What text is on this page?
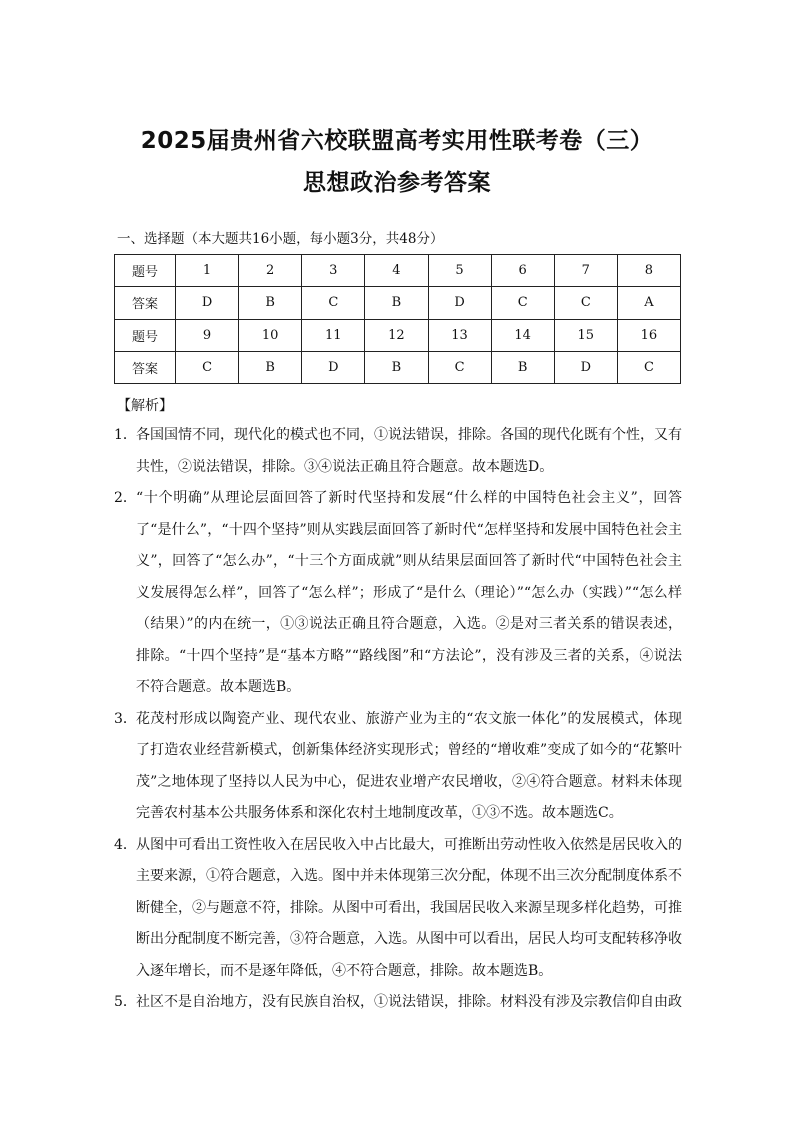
2025届贵州省六校联盟高考实用性联考卷（三）
思想政治参考答案
一、选择题（本大题共16小题，每小题3分，共48分）
题号	1	2	3	4	5	6	7	8
答案	D	B	C	B	D	C	C	A
题号	9	10	11	12	13	14	15	16
答案	C	B	D	B	C	B	D	C
【解析】
1． 各国国情不同，现代化的模式也不同，①说法错误，排除。各国的现代化既有个性，又有共性，②说法错误，排除。③④说法正确且符合题意。故本题选D。
2． “十个明确”从理论层面回答了新时代坚持和发展“什么样的中国特色社会主义”，回答了“是什么”，“十四个坚持”则从实践层面回答了新时代“怎样坚持和发展中国特色社会主义”，回答了“怎么办”，“十三个方面成就”则从结果层面回答了新时代“中国特色社会主义发展得怎么样”，回答了“怎么样”；形成了“是什么（理论）”“怎么办（实践）”“怎么样（结果）”的内在统一，①③说法正确且符合题意，入选。②是对三者关系的错误表述，排除。“十四个坚持”是“基本方略”“路线图”和“方法论”，没有涉及三者的关系，④说法不符合题意。故本题选B。
3． 花茂村形成以陶瓷产业、现代农业、旅游产业为主的“农文旅一体化”的发展模式，体现了打造农业经营新模式，创新集体经济实现形式；曾经的“增收难”变成了如今的“花繁叶茂”之地体现了坚持以人民为中心，促进农业增产农民增收，②④符合题意。材料未体现完善农村基本公共服务体系和深化农村土地制度改革，①③不选。故本题选C。
4． 从图中可看出工资性收入在居民收入中占比最大，可推断出劳动性收入依然是居民收入的主要来源，①符合题意，入选。图中并未体现第三次分配，体现不出三次分配制度体系不断健全，②与题意不符，排除。从图中可看出，我国居民收入来源呈现多样化趋势，可推断出分配制度不断完善，③符合题意，入选。从图中可以看出，居民人均可支配转移净收入逐年增长，而不是逐年降低，④不符合题意，排除。故本题选B。
5． 社区不是自治地方，没有民族自治权，①说法错误，排除。材料没有涉及宗教信仰自由政
